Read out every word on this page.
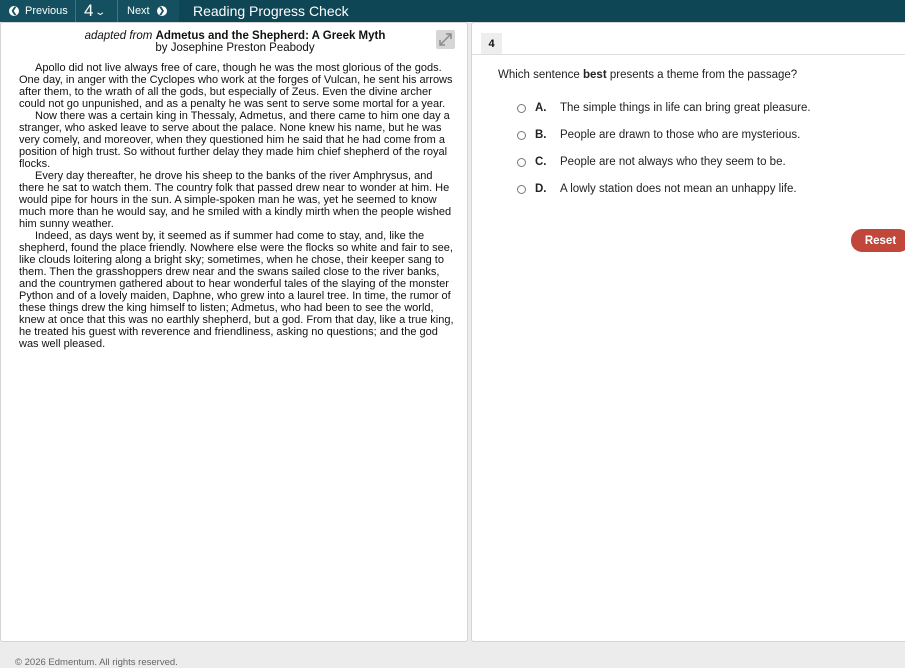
❮ Previous 4 ⌄ Next ❯ Reading Progress Check
adapted from Admetus and the Shepherd: A Greek Myth
by Josephine Preston Peabody

Apollo did not live always free of care, though he was the most glorious of the gods. One day, in anger with the Cyclopes who work at the forges of Vulcan, he sent his arrows after them, to the wrath of all the gods, but especially of Zeus. Even the divine archer could not go unpunished, and as a penalty he was sent to serve some mortal for a year.

Now there was a certain king in Thessaly, Admetus, and there came to him one day a stranger, who asked leave to serve about the palace. None knew his name, but he was very comely, and moreover, when they questioned him he said that he had come from a position of high trust. So without further delay they made him chief shepherd of the royal flocks.

Every day thereafter, he drove his sheep to the banks of the river Amphrysus, and there he sat to watch them. The country folk that passed drew near to wonder at him. He would pipe for hours in the sun. A simple-spoken man he was, yet he seemed to know much more than he would say, and he smiled with a kindly mirth when the people wished him sunny weather.

Indeed, as days went by, it seemed as if summer had come to stay, and, like the shepherd, found the place friendly. Nowhere else were the flocks so white and fair to see, like clouds loitering along a bright sky; sometimes, when he chose, their keeper sang to them. Then the grasshoppers drew near and the swans sailed close to the river banks, and the countrymen gathered about to hear wonderful tales of the slaying of the monster Python and of a lovely maiden, Daphne, who grew into a laurel tree. In time, the rumor of these things drew the king himself to listen; Admetus, who had been to see the world, knew at once that this was no earthly shepherd, but a god. From that day, like a true king, he treated his guest with reverence and friendliness, asking no questions; and the god was well pleased.

4
Which sentence best presents a theme from the passage?
A.	The simple things in life can bring great pleasure.
B.	People are drawn to those who are mysterious.
C.	People are not always who they seem to be.
D.	A lowly station does not mean an unhappy life.
Reset
© 2026 Edmentum. All rights reserved.
